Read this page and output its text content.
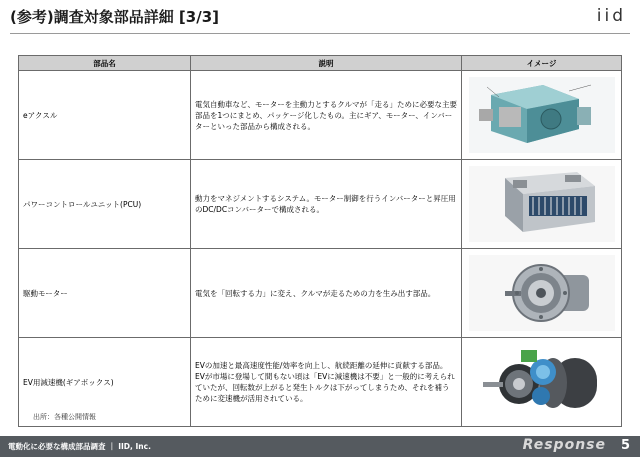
(参考)調査対象部品詳細 [3/3]	iid
部品名	説明	イメージ
eアクスル	電気自動車など、モーターを主動力とするクルマが「走る」ために必要な主要部品を1つにまとめ、パッケージ化したもの。主にギア、モーター、インバーターといった部品から構成される。	

パワーコントロールユニット(PCU)	動力をマネジメントするシステム。モーター制御を行うインバーターと昇圧用のDC/DCコンバーターで構成される。	

駆動モーター	電気を「回転する力」に変え、クルマが走るための力を生み出す部品。	

EV用減速機(ギアボックス)	EVの加速と最高速度性能/効率を向上し、航続距離の延伸に貢献する部品。EVが市場に登場して間もない頃は「EVに減速機は不要」と一般的に考えられていたが、回転数が上がると発生トルクは下がってしまうため、それを補うために変速機が活用されている。	
出所：各種公開情報
電動化に必要な構成部品調査 ｜ IID, Inc.	Response 5
